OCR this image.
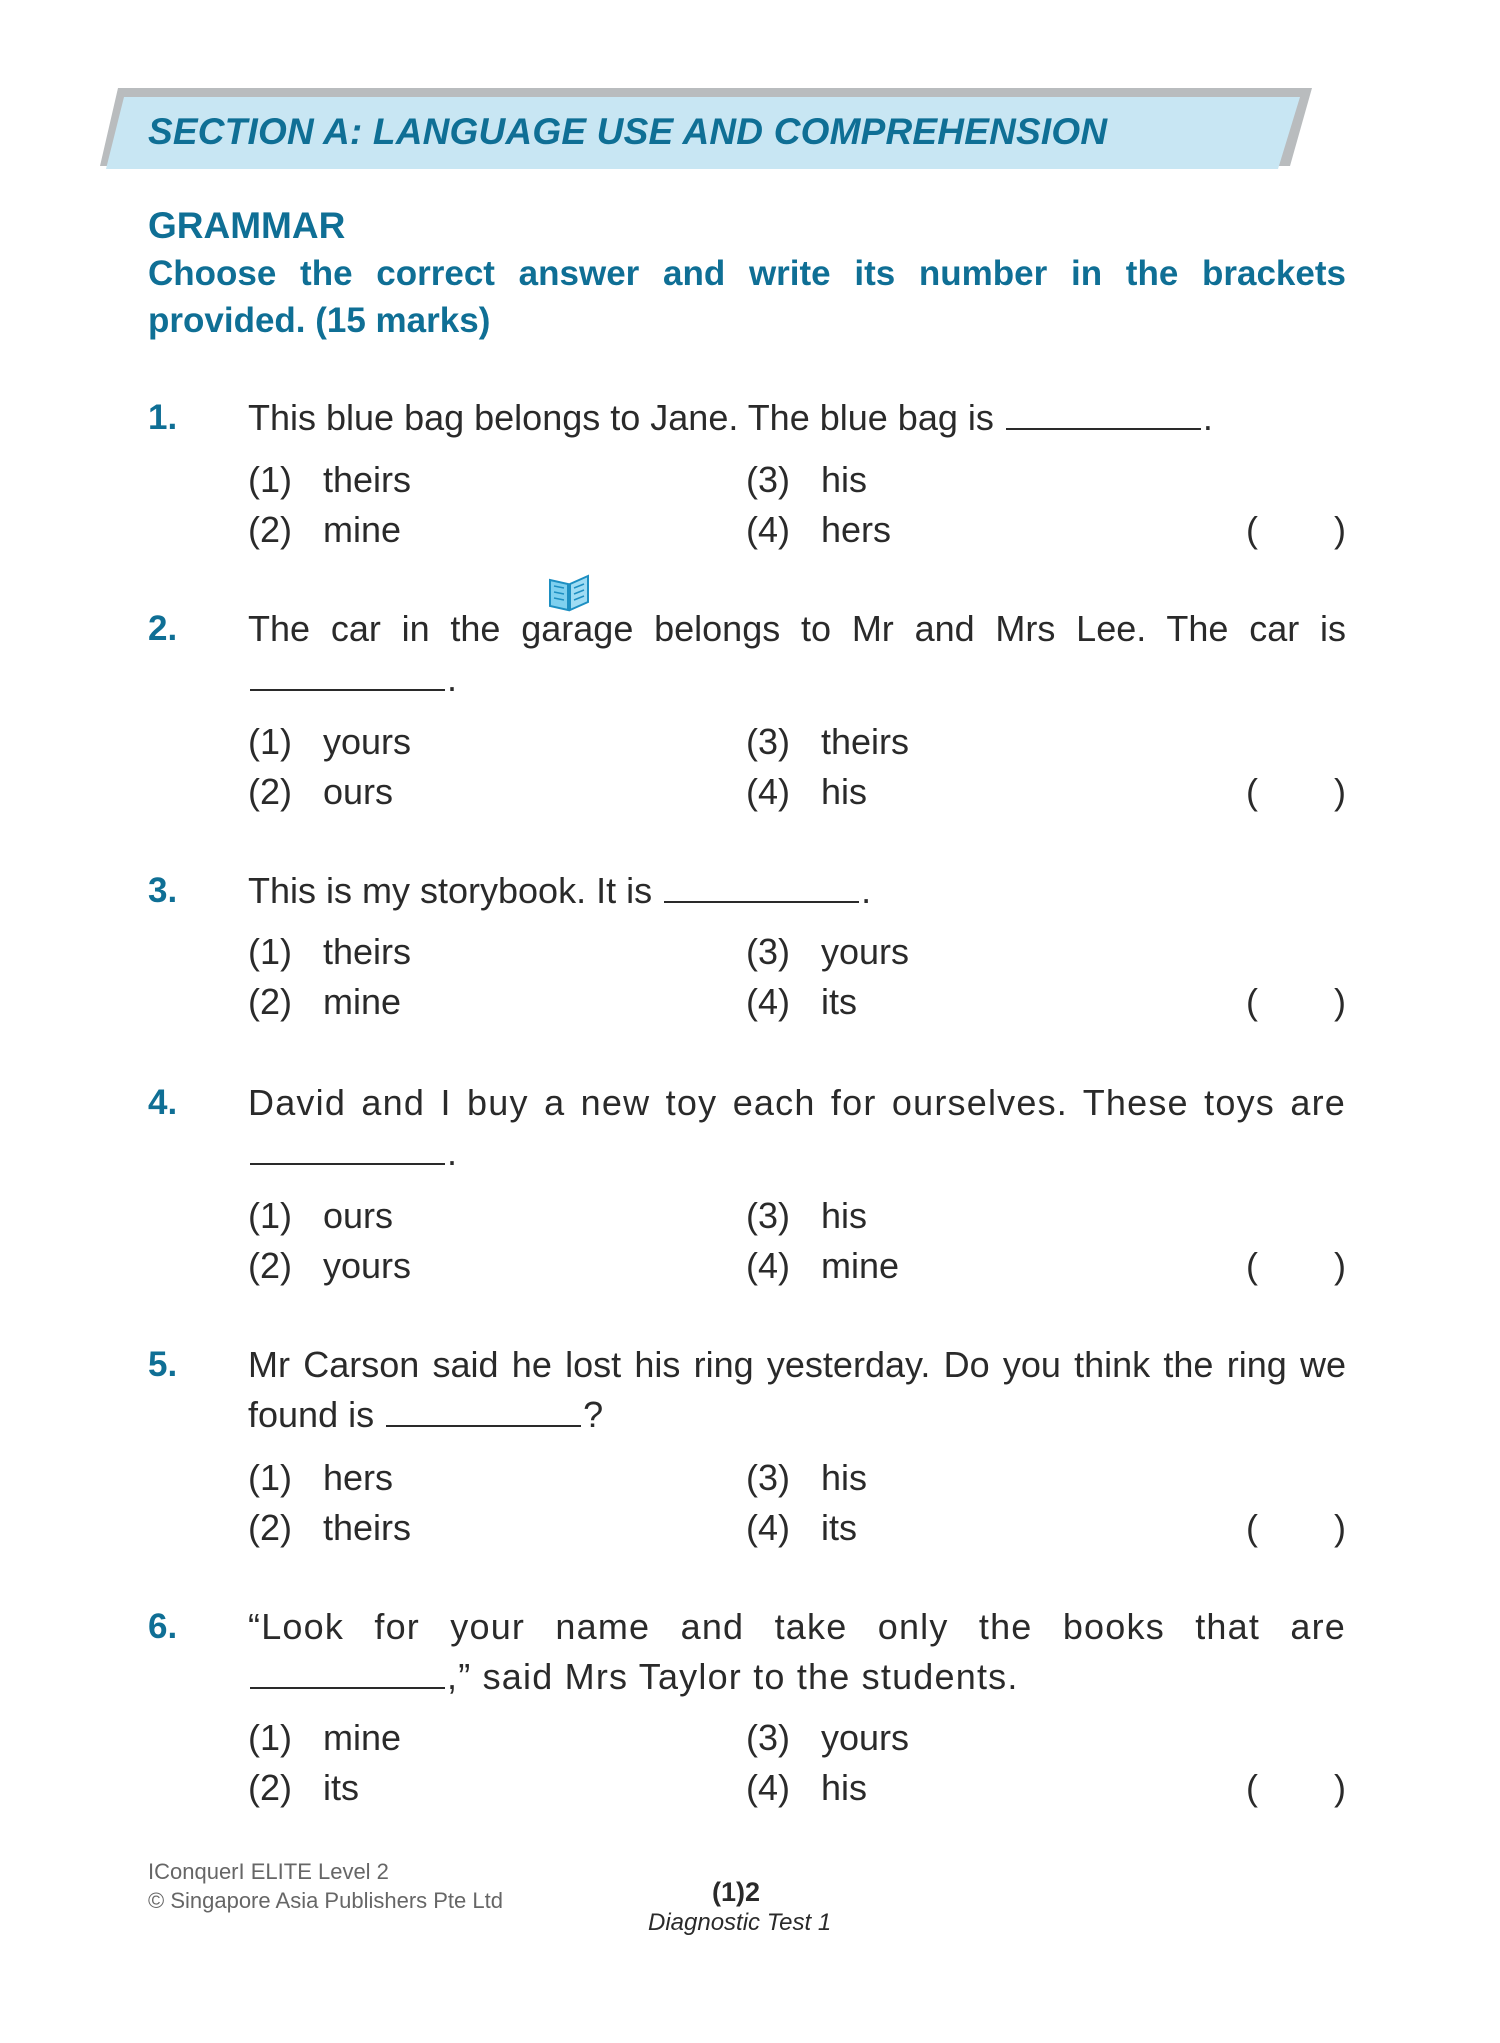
SECTION A: LANGUAGE USE AND COMPREHENSION
GRAMMAR
Choose the correct answer and write its number in the brackets provided. (15 marks)
1. This blue bag belongs to Jane. The blue bag is	.
(1) theirs
(2) mine
(3) his
(4) hers	( )
2. The car in the garage belongs to Mr and Mrs Lee. The car is .
(1) yours
(2) ours
(3) theirs
(4) his	( )
3. This is my storybook. It is	.
(1) theirs
(2) mine
(3) yours
(4) its	( )
4. David and I buy a new toy each for ourselves. These toys are .
(1) ours
(2) yours
(3) his
(4) mine	( )
5. Mr Carson said he lost his ring yesterday. Do you think the ring we found is	?
(1) hers
(2) theirs
(3) his
(4) its	( )
6. “Look for your name and take only the books that are ,” said Mrs Taylor to the students.
(1) mine
(2) its
(3) yours
(4) his	( )
IConquerI ELITE Level 2
© Singapore Asia Publishers Pte Ltd	(1)2
Diagnostic Test 1
